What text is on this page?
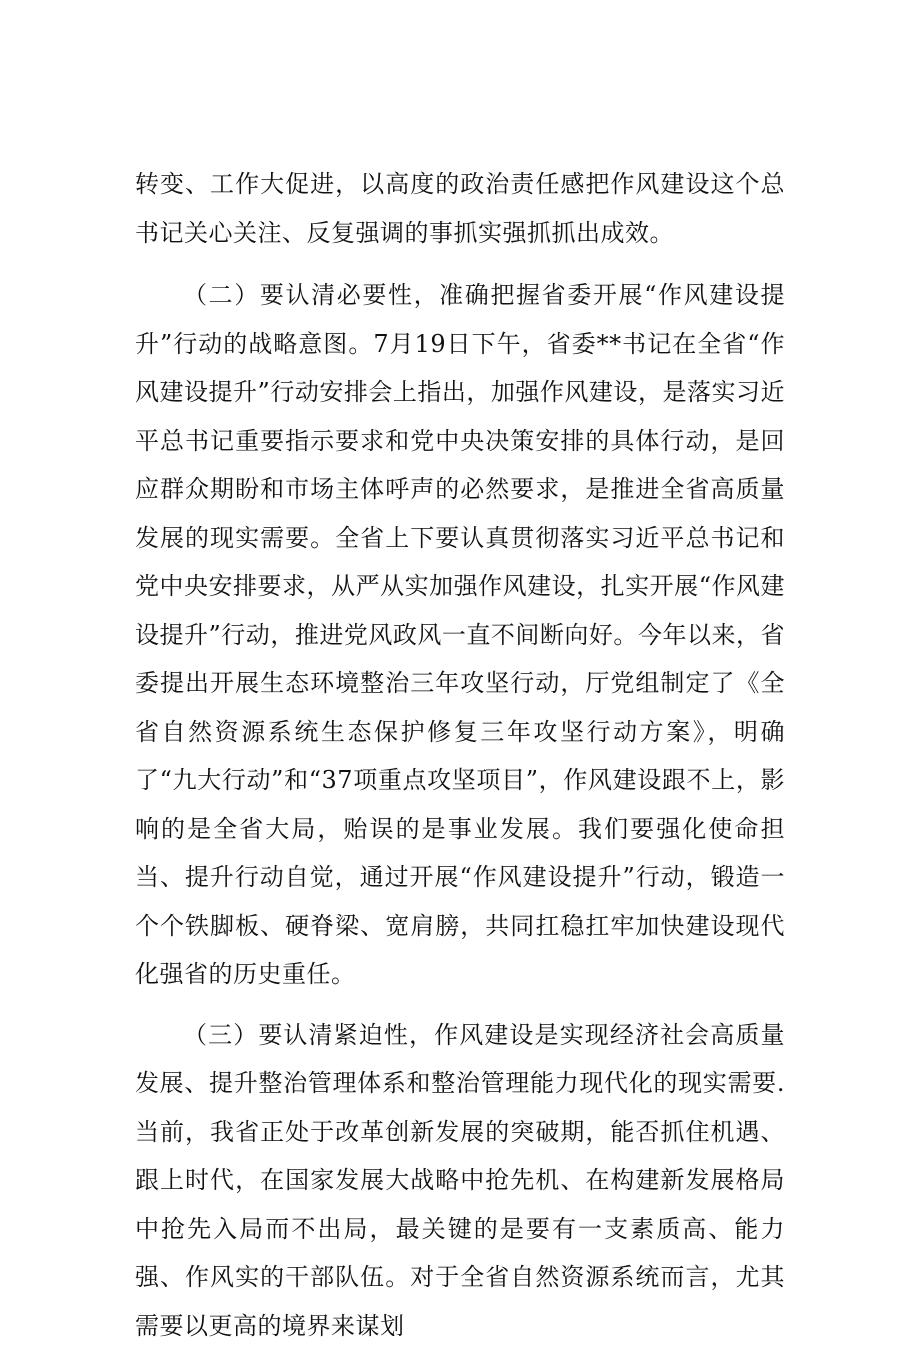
转变、工作大促进，以高度的政治责任感把作风建设这个总书记关心关注、反复强调的事抓实强抓抓出成效。

（二）要认清必要性，准确把握省委开展“作风建设提升”行动的战略意图。7月19日下午，省委**书记在全省“作风建设提升”行动安排会上指出，加强作风建设，是落实习近平总书记重要指示要求和党中央决策安排的具体行动，是回应群众期盼和市场主体呼声的必然要求，是推进全省高质量发展的现实需要。全省上下要认真贯彻落实习近平总书记和党中央安排要求，从严从实加强作风建设，扎实开展“作风建设提升”行动，推进党风政风一直不间断向好。今年以来，省委提出开展生态环境整治三年攻坚行动，厅党组制定了《全省自然资源系统生态保护修复三年攻坚行动方案》，明确了“九大行动”和“37项重点攻坚项目”，作风建设跟不上，影响的是全省大局，贻误的是事业发展。我们要强化使命担当、提升行动自觉，通过开展“作风建设提升”行动，锻造一个个铁脚板、硬脊梁、宽肩膀，共同扛稳扛牢加快建设现代化强省的历史重任。

（三）要认清紧迫性，作风建设是实现经济社会高质量发展、提升整治管理体系和整治管理能力现代化的现实需要. 当前，我省正处于改革创新发展的突破期，能否抓住机遇、跟上时代，在国家发展大战略中抢先机、在构建新发展格局中抢先入局而不出局，最关键的是要有一支素质高、能力强、作风实的干部队伍。对于全省自然资源系统而言，尤其需要以更高的境界来谋划
